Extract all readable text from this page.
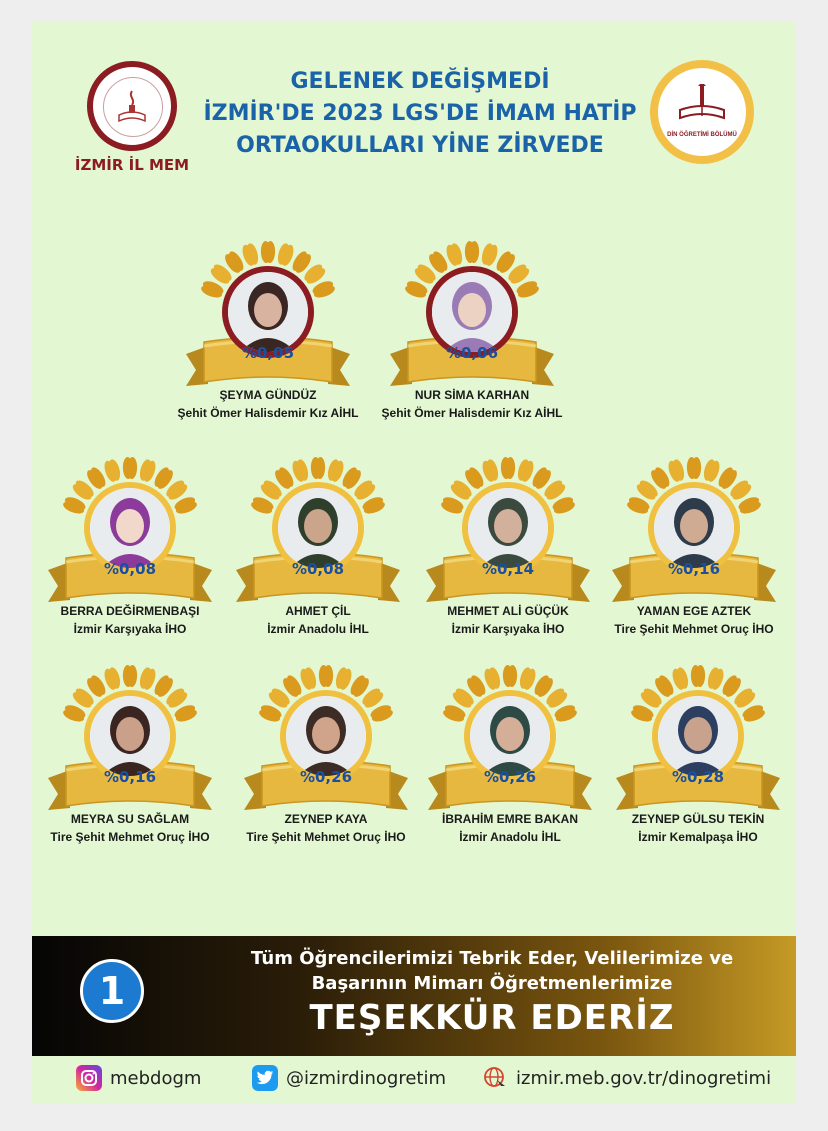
İZMİR İL MEM
GELENEK DEĞİŞMEDİ
İZMİR'DE 2023 LGS'DE İMAM HATİP
ORTAOKULLARI YİNE ZİRVEDE	DİN ÖĞRETİMİ BÖLÜMÜ
%0,05
ŞEYMA GÜNDÜZ
Şehit Ömer Halisdemir Kız AİHL
%0,06
NUR SİMA KARHAN
Şehit Ömer Halisdemir Kız AİHL
%0,08
BERRA DEĞİRMENBAŞI
İzmir Karşıyaka İHO
%0,08
AHMET ÇİL
İzmir Anadolu İHL
%0,14
MEHMET ALİ GÜÇÜK
İzmir Karşıyaka İHO
%0,16
YAMAN EGE AZTEK
Tire Şehit Mehmet Oruç İHO
%0,16
MEYRA SU SAĞLAM
Tire Şehit Mehmet Oruç İHO
%0,26
ZEYNEP KAYA
Tire Şehit Mehmet Oruç İHO
%0,26
İBRAHİM EMRE BAKAN
İzmir Anadolu İHL
%0,28
ZEYNEP GÜLSU TEKİN
İzmir Kemalpaşa İHO
1
Tüm Öğrencilerimizi Tebrik Eder, Velilerimize ve
Başarının Mimarı Öğretmenlerimize
TEŞEKKÜR EDERİZ
mebdogm	@izmirdinogretim	izmir.meb.gov.tr/dinogretimi
